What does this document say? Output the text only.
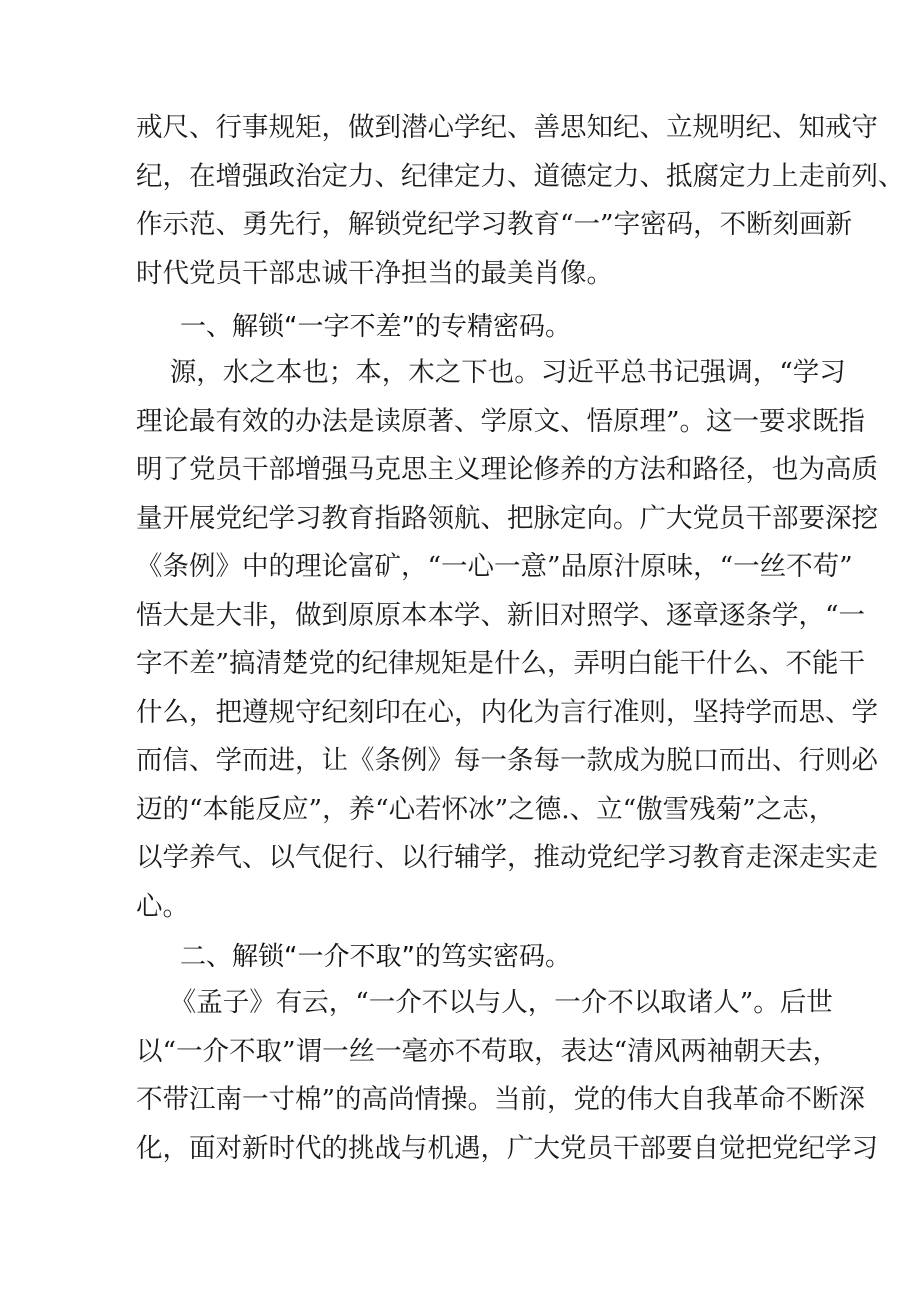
戒尺、行事规矩，做到潜心学纪、善思知纪、立规明纪、知戒守
纪，在增强政治定力、纪律定力、道德定力、抵腐定力上走前列、
作示范、勇先行，解锁党纪学习教育“一”字密码，不断刻画新
时代党员干部忠诚干净担当的最美肖像。
一、解锁“一字不差”的专精密码。
源，水之本也；本，木之下也。习近平总书记强调，“学习
理论最有效的办法是读原著、学原文、悟原理”。这一要求既指
明了党员干部增强马克思主义理论修养的方法和路径，也为高质
量开展党纪学习教育指路领航、把脉定向。广大党员干部要深挖
《条例》中的理论富矿，“一心一意”品原汁原味，“一丝不苟”
悟大是大非，做到原原本本学、新旧对照学、逐章逐条学，“一
字不差”搞清楚党的纪律规矩是什么，弄明白能干什么、不能干
什么，把遵规守纪刻印在心，内化为言行准则，坚持学而思、学
而信、学而进，让《条例》每一条每一款成为脱口而出、行则必
迈的“本能反应”，养“心若怀冰”之德.、立“傲雪残菊”之志，
以学养气、以气促行、以行辅学，推动党纪学习教育走深走实走
心。
二、解锁“一介不取”的笃实密码。
《孟子》有云，“一介不以与人，一介不以取诸人”。后世
以“一介不取”谓一丝一毫亦不苟取，表达“清风两袖朝天去，
不带江南一寸棉”的高尚情操。当前，党的伟大自我革命不断深
化，面对新时代的挑战与机遇，广大党员干部要自觉把党纪学习
